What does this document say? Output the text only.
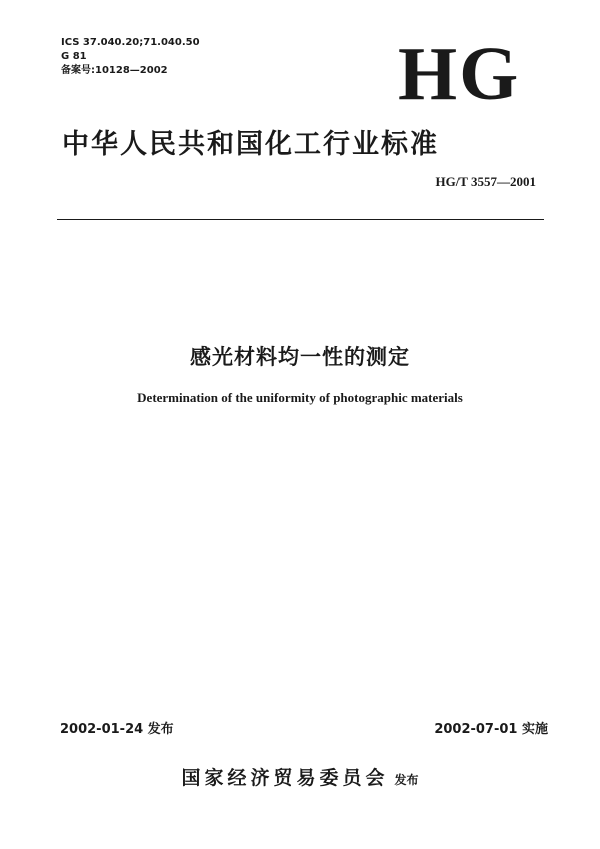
ICS 37.040.20;71.040.50
G 81
备案号:10128—2002	HG
中华人民共和国化工行业标准
HG/T 3557—2001
感光材料均一性的测定
Determination of the uniformity of photographic materials
2002-01-24 发布	2002-07-01 实施
国家经济贸易委员会 发布
